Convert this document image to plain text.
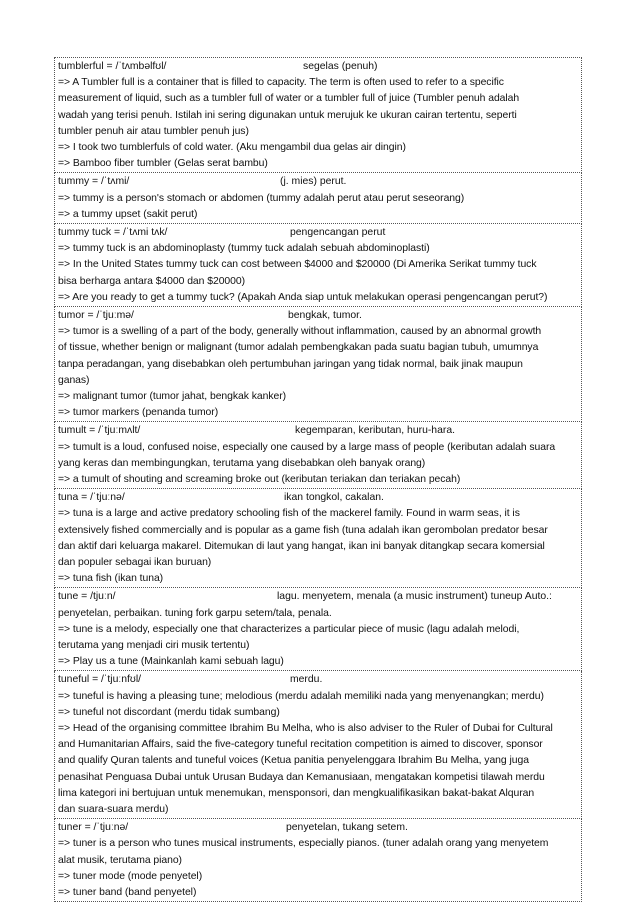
tumblerful = /ˈtʌmbəlfʊl/	segelas (penuh)

=> A Tumbler full is a container that is filled to capacity. The term is often used to refer to a specific

measurement of liquid, such as a tumbler full of water or a tumbler full of juice (Tumbler penuh adalah

wadah yang terisi penuh. Istilah ini sering digunakan untuk merujuk ke ukuran cairan tertentu, seperti

tumbler penuh air atau tumbler penuh jus)

=> I took two tumblerfuls of cold water. (Aku mengambil dua gelas air dingin)

=> Bamboo fiber tumbler (Gelas serat bambu)

tummy = /ˈtʌmi/	(j. mies) perut.

=> tummy is a person's stomach or abdomen (tummy adalah perut atau perut seseorang)

=> a tummy upset (sakit perut)

tummy tuck = /ˈtʌmi tʌk/	pengencangan perut

=> tummy tuck is an abdominoplasty (tummy tuck adalah sebuah abdominoplasti)

=> In the United States tummy tuck can cost between $4000 and $20000 (Di Amerika Serikat tummy tuck

bisa berharga antara $4000 dan $20000)

=> Are you ready to get a tummy tuck? (Apakah Anda siap untuk melakukan operasi pengencangan perut?)

tumor = /ˈtjuːmə/	bengkak, tumor.

=> tumor is a swelling of a part of the body, generally without inflammation, caused by an abnormal growth

of tissue, whether benign or malignant (tumor adalah pembengkakan pada suatu bagian tubuh, umumnya

tanpa peradangan, yang disebabkan oleh pertumbuhan jaringan yang tidak normal, baik jinak maupun

ganas)

=> malignant tumor (tumor jahat, bengkak kanker)

=> tumor markers (penanda tumor)

tumult = /ˈtjuːmʌlt/	kegemparan, keributan, huru-hara.

=> tumult is a loud, confused noise, especially one caused by a large mass of people (keributan adalah suara

yang keras dan membingungkan, terutama yang disebabkan oleh banyak orang)

=> a tumult of shouting and screaming broke out (keributan teriakan dan teriakan pecah)

tuna = /ˈtjuːnə/	ikan tongkol, cakalan.

=> tuna is a large and active predatory schooling fish of the mackerel family. Found in warm seas, it is

extensively fished commercially and is popular as a game fish (tuna adalah ikan gerombolan predator besar

dan aktif dari keluarga makarel. Ditemukan di laut yang hangat, ikan ini banyak ditangkap secara komersial

dan populer sebagai ikan buruan)

=> tuna fish (ikan tuna)

tune = /tjuːn/	lagu. menyetem, menala (a music instrument) tuneup Auto.:

penyetelan, perbaikan. tuning fork garpu setem/tala, penala.

=> tune is a melody, especially one that characterizes a particular piece of music (lagu adalah melodi,

terutama yang menjadi ciri musik tertentu)

=> Play us a tune (Mainkanlah kami sebuah lagu)

tuneful = /ˈtjuːnfʊl/	merdu.

=> tuneful is having a pleasing tune; melodious (merdu adalah memiliki nada yang menyenangkan; merdu)

=> tuneful not discordant (merdu tidak sumbang)

=> Head of the organising committee Ibrahim Bu Melha, who is also adviser to the Ruler of Dubai for Cultural

and Humanitarian Affairs, said the five-category tuneful recitation competition is aimed to discover, sponsor

and qualify Quran talents and tuneful voices (Ketua panitia penyelenggara Ibrahim Bu Melha, yang juga

penasihat Penguasa Dubai untuk Urusan Budaya dan Kemanusiaan, mengatakan kompetisi tilawah merdu

lima kategori ini bertujuan untuk menemukan, mensponsori, dan mengkualifikasikan bakat-bakat Alquran

dan suara-suara merdu)

tuner = /ˈtjuːnə/	penyetelan, tukang setem.

=> tuner is a person who tunes musical instruments, especially pianos. (tuner adalah orang yang menyetem

alat musik, terutama piano)

=> tuner mode (mode penyetel)

=> tuner band (band penyetel)
